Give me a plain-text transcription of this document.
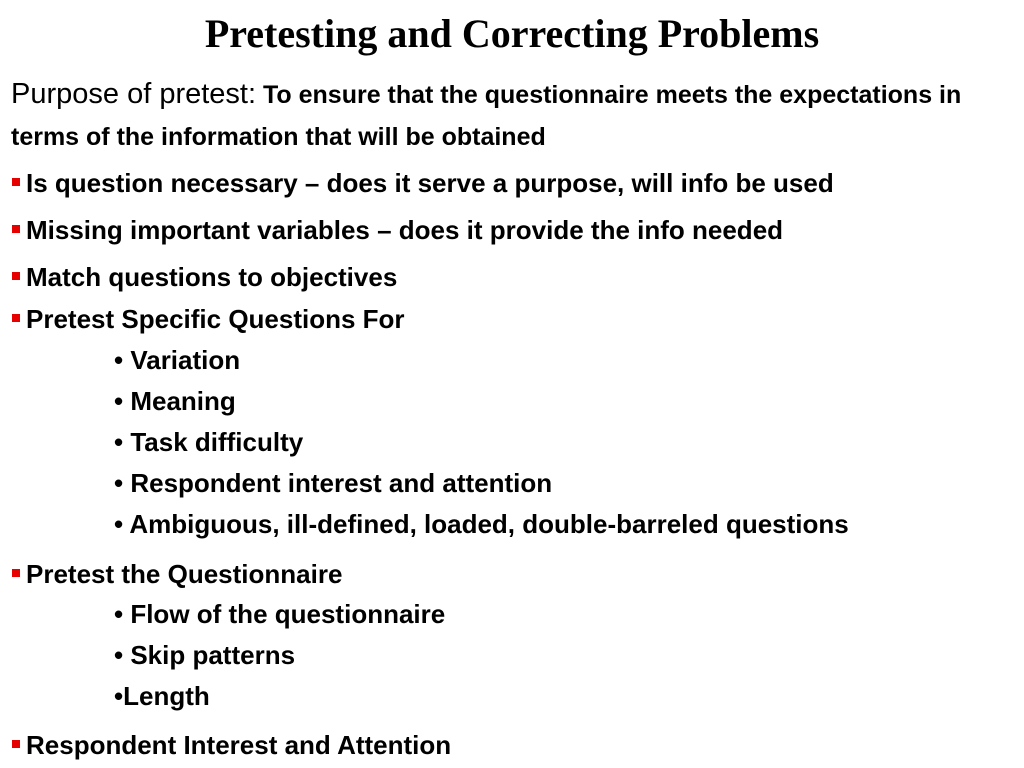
Pretesting and Correcting Problems
Purpose of pretest: To ensure that the questionnaire meets the expectations in terms of the information that will be obtained
Is question necessary – does it serve a purpose, will info be used
Missing important variables – does it provide the info needed
Match questions to objectives
Pretest Specific Questions For
• Variation
• Meaning
• Task difficulty
• Respondent interest and attention
• Ambiguous, ill-defined, loaded, double-barreled questions
Pretest the Questionnaire
• Flow of the questionnaire
• Skip patterns
•Length
Respondent Interest and Attention
